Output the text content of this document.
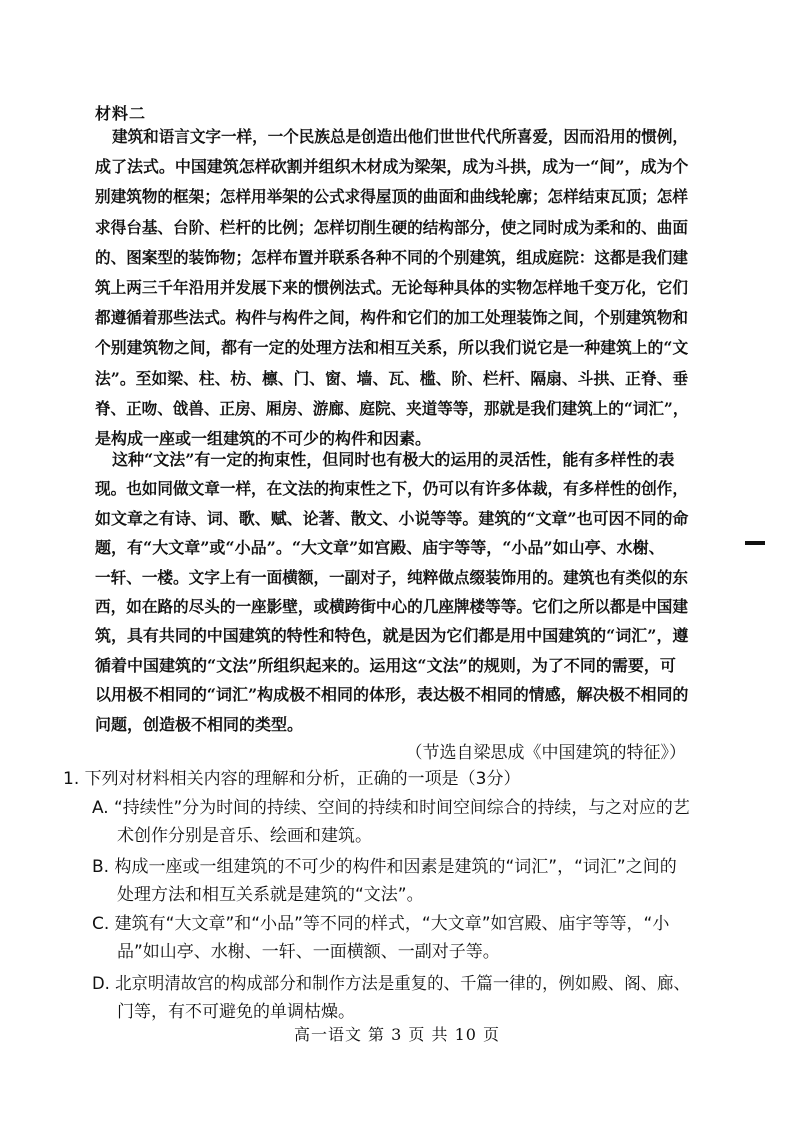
材料二
建筑和语言文字一样，一个民族总是创造出他们世世代代所喜爱，因而沿用的惯例，
成了法式。中国建筑怎样砍割并组织木材成为梁架，成为斗拱，成为一“间”，成为个
别建筑物的框架；怎样用举架的公式求得屋顶的曲面和曲线轮廓；怎样结束瓦顶；怎样
求得台基、台阶、栏杆的比例；怎样切削生硬的结构部分，使之同时成为柔和的、曲面
的、图案型的装饰物；怎样布置并联系各种不同的个别建筑，组成庭院：这都是我们建
筑上两三千年沿用并发展下来的惯例法式。无论每种具体的实物怎样地千变万化，它们
都遵循着那些法式。构件与构件之间，构件和它们的加工处理装饰之间，个别建筑物和
个别建筑物之间，都有一定的处理方法和相互关系，所以我们说它是一种建筑上的“文
法”。至如梁、柱、枋、檩、门、窗、墙、瓦、槛、阶、栏杆、隔扇、斗拱、正脊、垂
脊、正吻、戗兽、正房、厢房、游廊、庭院、夹道等等，那就是我们建筑上的“词汇”，
是构成一座或一组建筑的不可少的构件和因素。
这种“文法”有一定的拘束性，但同时也有极大的运用的灵活性，能有多样性的表
现。也如同做文章一样，在文法的拘束性之下，仍可以有许多体裁，有多样性的创作，
如文章之有诗、词、歌、赋、论著、散文、小说等等。建筑的“文章”也可因不同的命
题，有“大文章”或“小品”。“大文章”如宫殿、庙宇等等，“小品”如山亭、水榭、
一轩、一楼。文字上有一面横额，一副对子，纯粹做点缀装饰用的。建筑也有类似的东
西，如在路的尽头的一座影壁，或横跨街中心的几座牌楼等等。它们之所以都是中国建
筑，具有共同的中国建筑的特性和特色，就是因为它们都是用中国建筑的“词汇”，遵
循着中国建筑的“文法”所组织起来的。运用这“文法”的规则，为了不同的需要，可
以用极不相同的“词汇”构成极不相同的体形，表达极不相同的情感，解决极不相同的
问题，创造极不相同的类型。
（节选自梁思成《中国建筑的特征》）
1. 下列对材料相关内容的理解和分析，正确的一项是（3分）
A. “持续性”分为时间的持续、空间的持续和时间空间综合的持续，与之对应的艺
术创作分别是音乐、绘画和建筑。
B. 构成一座或一组建筑的不可少的构件和因素是建筑的“词汇”，“词汇”之间的
处理方法和相互关系就是建筑的“文法”。
C. 建筑有“大文章”和“小品”等不同的样式，“大文章”如宫殿、庙宇等等，“小
品”如山亭、水榭、一轩、一面横额、一副对子等。
D. 北京明清故宫的构成部分和制作方法是重复的、千篇一律的，例如殿、阁、廊、
门等，有不可避免的单调枯燥。
高一语文 第 3 页 共 10 页
